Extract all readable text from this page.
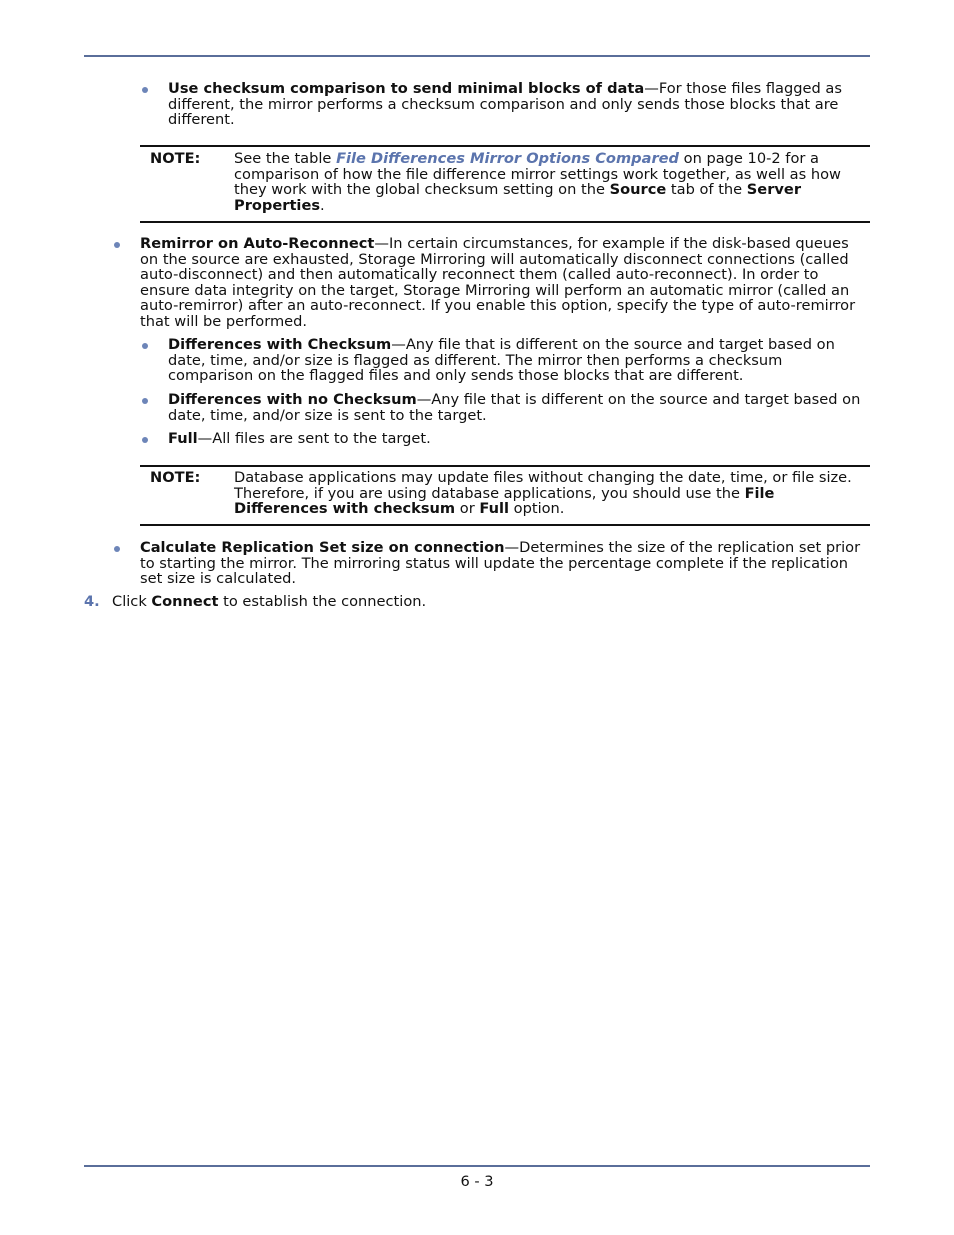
Use checksum comparison to send minimal blocks of data—For those files flagged as different, the mirror performs a checksum comparison and only sends those blocks that are different.
NOTE: See the table File Differences Mirror Options Compared on page 10-2 for a comparison of how the file difference mirror settings work together, as well as how they work with the global checksum setting on the Source tab of the Server Properties.
Remirror on Auto-Reconnect—In certain circumstances, for example if the disk-based queues on the source are exhausted, Storage Mirroring will automatically disconnect connections (called auto-disconnect) and then automatically reconnect them (called auto-reconnect). In order to ensure data integrity on the target, Storage Mirroring will perform an automatic mirror (called an auto-remirror) after an auto-reconnect. If you enable this option, specify the type of auto-remirror that will be performed.
Differences with Checksum—Any file that is different on the source and target based on date, time, and/or size is flagged as different. The mirror then performs a checksum comparison on the flagged files and only sends those blocks that are different.
Differences with no Checksum—Any file that is different on the source and target based on date, time, and/or size is sent to the target.
Full—All files are sent to the target.
NOTE: Database applications may update files without changing the date, time, or file size. Therefore, if you are using database applications, you should use the File Differences with checksum or Full option.
Calculate Replication Set size on connection—Determines the size of the replication set prior to starting the mirror. The mirroring status will update the percentage complete if the replication set size is calculated.
4. Click Connect to establish the connection.
6 - 3
